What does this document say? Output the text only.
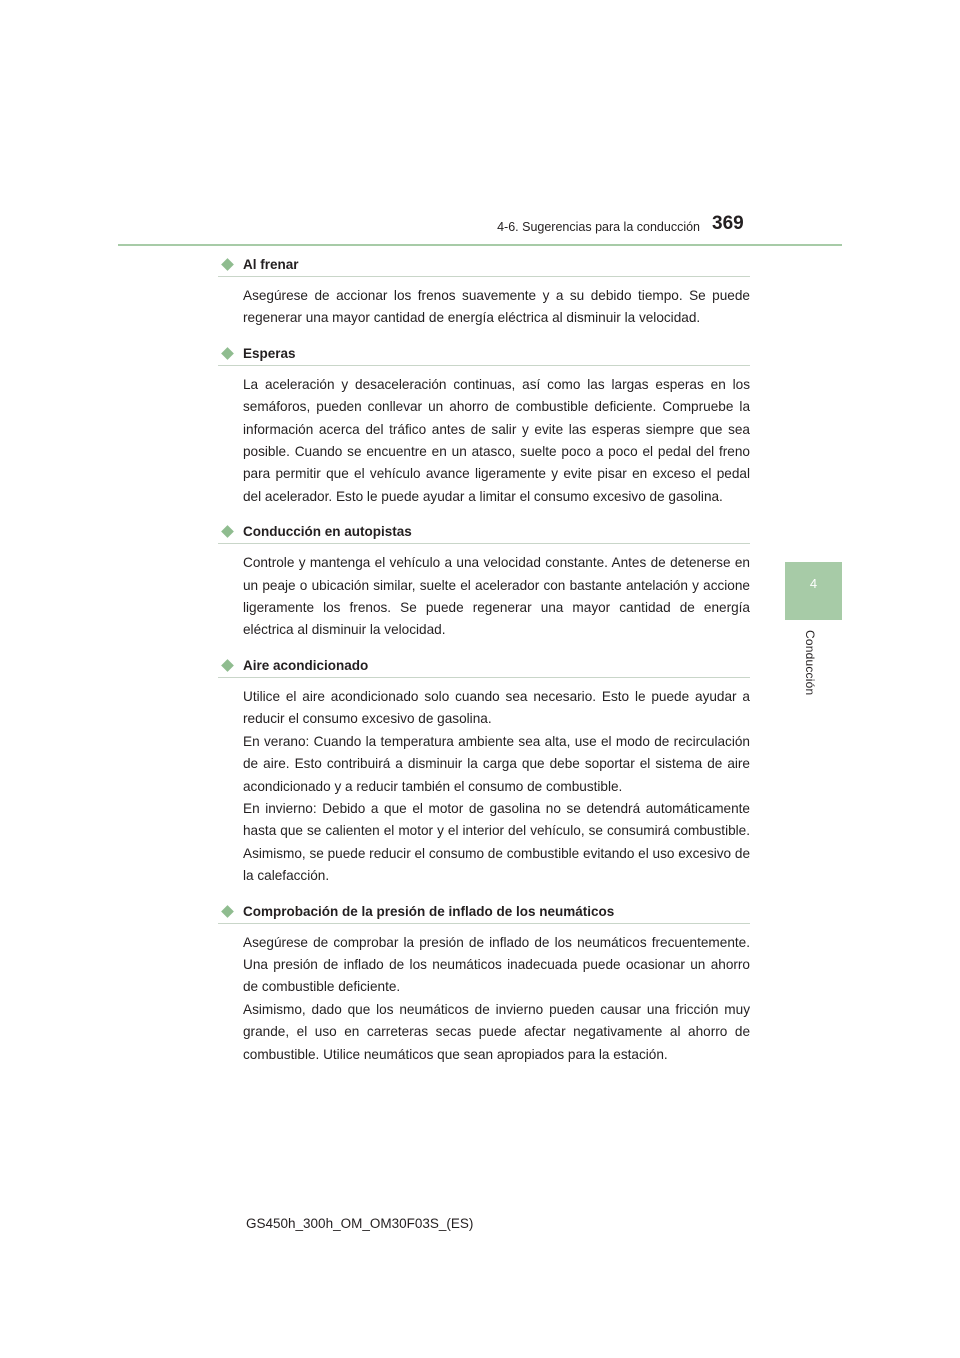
4-6. Sugerencias para la conducción 369
4
Conducción
Al frenar

Asegúrese de accionar los frenos suavemente y a su debido tiempo. Se puede regenerar una mayor cantidad de energía eléctrica al disminuir la velocidad.

Esperas

La aceleración y desaceleración continuas, así como las largas esperas en los semáforos, pueden conllevar un ahorro de combustible deficiente. Compruebe la información acerca del tráfico antes de salir y evite las esperas siempre que sea posible. Cuando se encuentre en un atasco, suelte poco a poco el pedal del freno para permitir que el vehículo avance ligeramente y evite pisar en exceso el pedal del acelerador. Esto le puede ayudar a limitar el consumo excesivo de gasolina.

Conducción en autopistas

Controle y mantenga el vehículo a una velocidad constante. Antes de detenerse en un peaje o ubicación similar, suelte el acelerador con bastante antelación y accione ligeramente los frenos. Se puede regenerar una mayor cantidad de energía eléctrica al disminuir la velocidad.

Aire acondicionado

Utilice el aire acondicionado solo cuando sea necesario. Esto le puede ayudar a reducir el consumo excesivo de gasolina.

En verano: Cuando la temperatura ambiente sea alta, use el modo de recirculación de aire. Esto contribuirá a disminuir la carga que debe soportar el sistema de aire acondicionado y a reducir también el consumo de combustible.

En invierno: Debido a que el motor de gasolina no se detendrá automáticamente hasta que se calienten el motor y el interior del vehículo, se consumirá combustible. Asimismo, se puede reducir el consumo de combustible evitando el uso excesivo de la calefacción.

Comprobación de la presión de inflado de los neumáticos

Asegúrese de comprobar la presión de inflado de los neumáticos frecuentemente. Una presión de inflado de los neumáticos inadecuada puede ocasionar un ahorro de combustible deficiente.

Asimismo, dado que los neumáticos de invierno pueden causar una fricción muy grande, el uso en carreteras secas puede afectar negativamente al ahorro de combustible. Utilice neumáticos que sean apropiados para la estación.

GS450h_300h_OM_OM30F03S_(ES)
